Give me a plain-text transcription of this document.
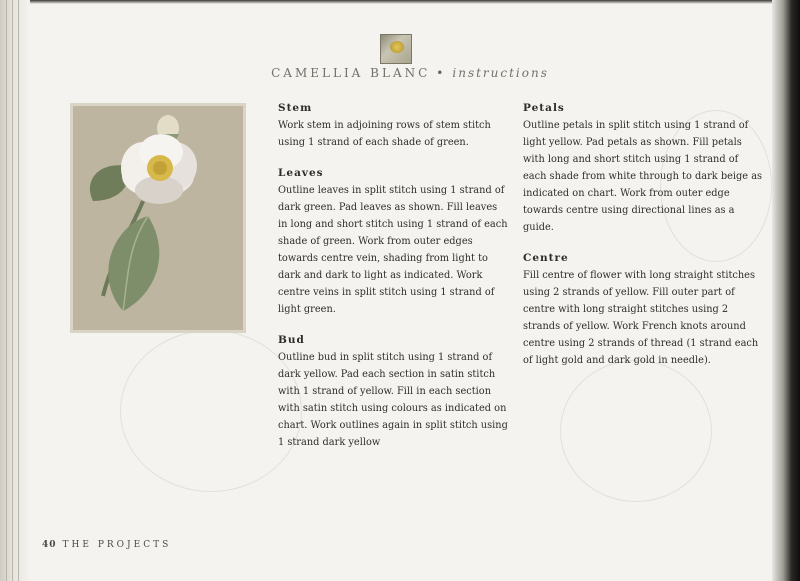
CAMELLIA BLANC • instructions
Stem

Work stem in adjoining rows of stem stitch using 1 strand of each shade of green.

Leaves

Outline leaves in split stitch using 1 strand of dark green. Pad leaves as shown. Fill leaves in long and short stitch using 1 strand of each shade of green. Work from outer edges towards centre vein, shading from light to dark and dark to light as indicated. Work centre veins in split stitch using 1 strand of light green.

Bud

Outline bud in split stitch using 1 strand of dark yellow. Pad each section in satin stitch with 1 strand of yellow. Fill in each section with satin stitch using colours as indicated on chart. Work outlines again in split stitch using 1 strand dark yellow

Petals

Outline petals in split stitch using 1 strand of light yellow. Pad petals as shown. Fill petals with long and short stitch using 1 strand of each shade from white through to dark beige as indicated on chart. Work from outer edge towards centre using directional lines as a guide.

Centre

Fill centre of flower with long straight stitches using 2 strands of yellow. Fill outer part of centre with long straight stitches using 2 strands of yellow. Work French knots around centre using 2 strands of thread (1 strand each of light gold and dark gold in needle).

40 THE PROJECTS
